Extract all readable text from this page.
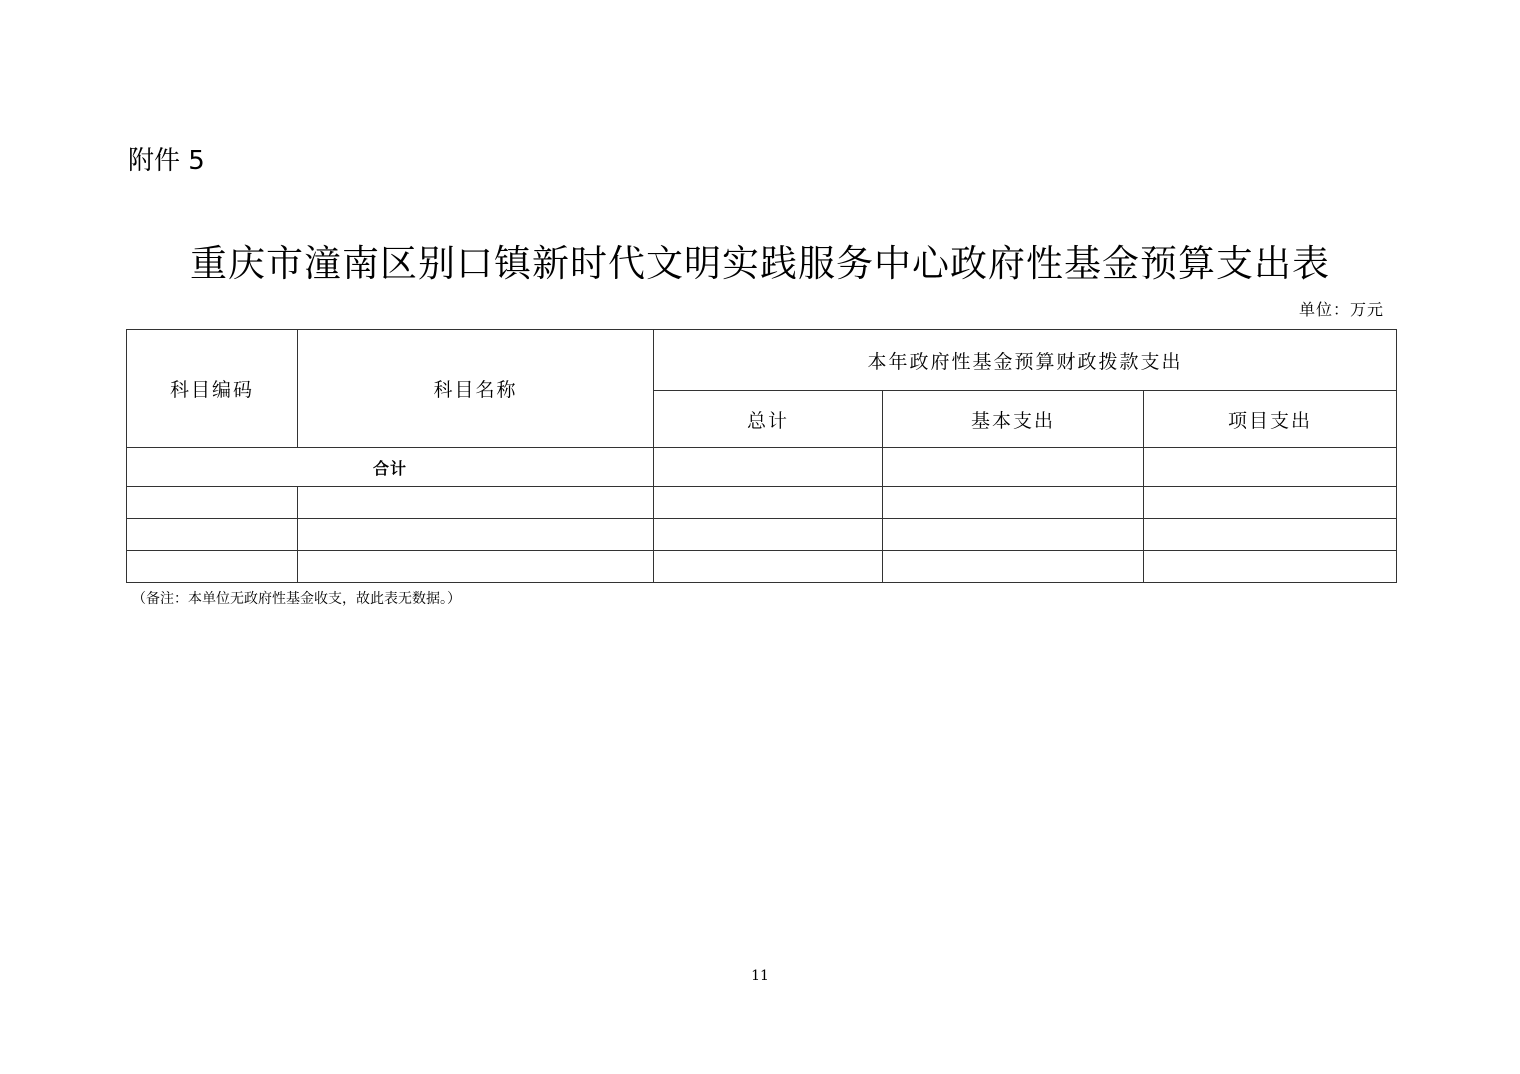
附件 5
重庆市潼南区别口镇新时代文明实践服务中心政府性基金预算支出表
单位：万元
科目编码	科目名称	本年政府性基金预算财政拨款支出		
		总计	基本支出	项目支出
合计				

（备注：本单位无政府性基金收支，故此表无数据。）
11
